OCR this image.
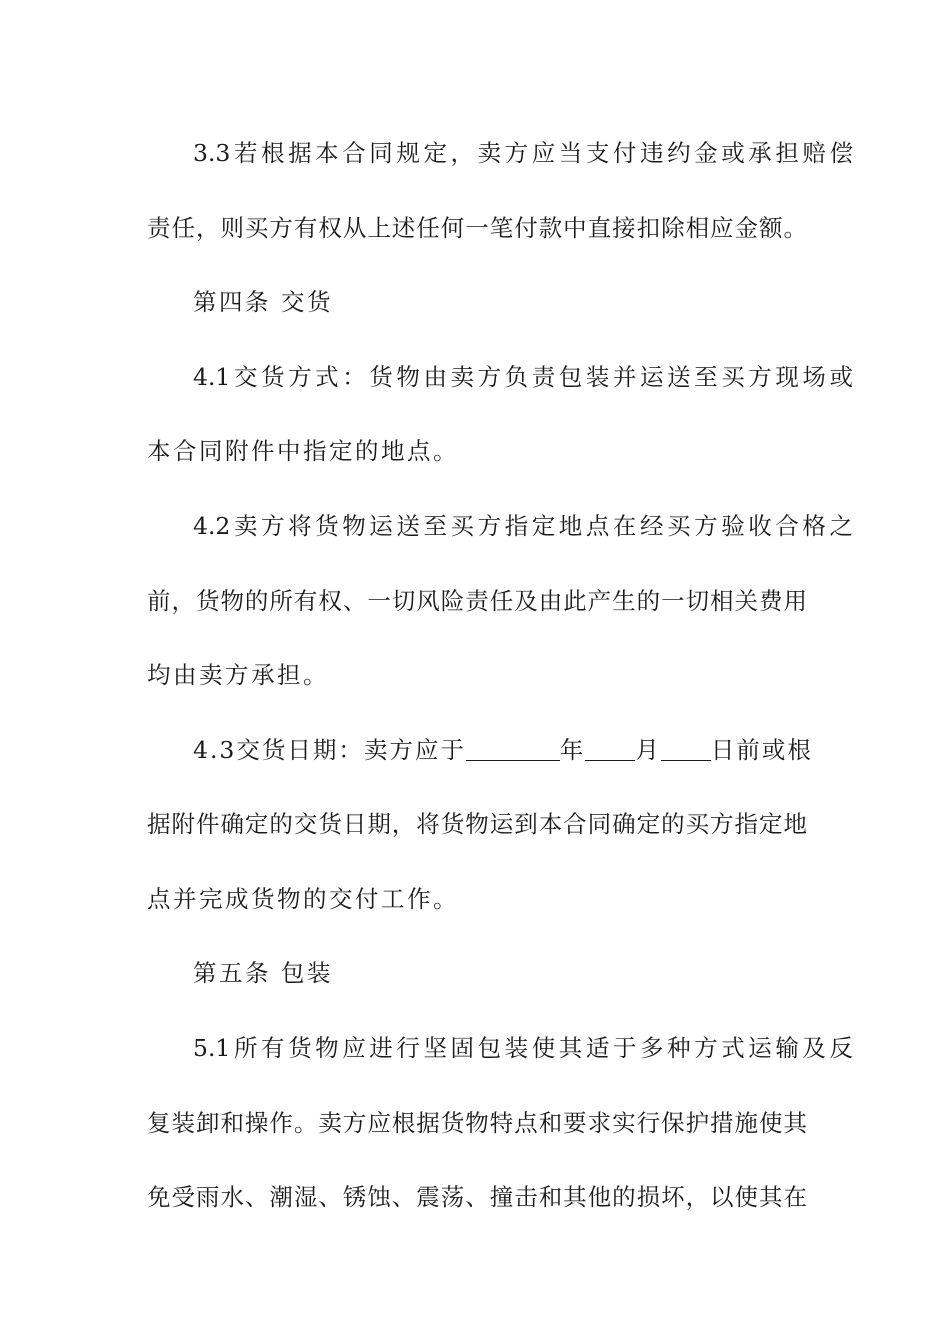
3.3若根据本合同规定，卖方应当支付违约金或承担赔偿
责任，则买方有权从上述任何一笔付款中直接扣除相应金额。
第四条 交货
4.1交货方式：货物由卖方负责包装并运送至买方现场或
本合同附件中指定的地点。
4.2卖方将货物运送至买方指定地点在经买方验收合格之
前，货物的所有权、一切风险责任及由此产生的一切相关费用
均由卖方承担。
4.3交货日期：卖方应于	年 月 日前或根
据附件确定的交货日期，将货物运到本合同确定的买方指定地
点并完成货物的交付工作。
第五条 包装
5.1所有货物应进行坚固包装使其适于多种方式运输及反
复装卸和操作。卖方应根据货物特点和要求实行保护措施使其
免受雨水、潮湿、锈蚀、震荡、撞击和其他的损坏，以使其在
